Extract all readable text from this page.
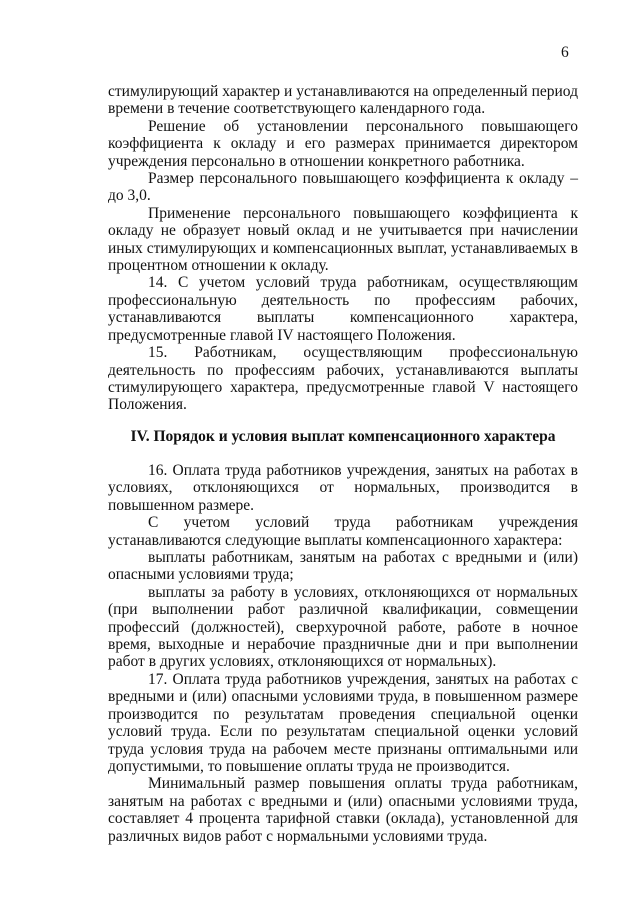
6

стимулирующий характер и устанавливаются на определенный период времени в течение соответствующего календарного года.

Решение об установлении персонального повышающего коэффициента к окладу и его размерах принимается директором учреждения персонально в отношении конкретного работника.

Размер персонального повышающего коэффициента к окладу – до 3,0.

Применение персонального повышающего коэффициента к окладу не образует новый оклад и не учитывается при начислении иных стимулирующих и компенсационных выплат, устанавливаемых в процентном отношении к окладу.

14. С учетом условий труда работникам, осуществляющим профессиональную деятельность по профессиям рабочих, устанавливаются выплаты компенсационного характера, предусмотренные главой IV настоящего Положения.

15. Работникам, осуществляющим профессиональную деятельность по профессиям рабочих, устанавливаются выплаты стимулирующего характера, предусмотренные главой V настоящего Положения.

IV. Порядок и условия выплат компенсационного характера

16. Оплата труда работников учреждения, занятых на работах в условиях, отклоняющихся от нормальных, производится в повышенном размере.

С учетом условий труда работникам учреждения устанавливаются следующие выплаты компенсационного характера:

выплаты работникам, занятым на работах с вредными и (или) опасными условиями труда;

выплаты за работу в условиях, отклоняющихся от нормальных (при выполнении работ различной квалификации, совмещении профессий (должностей), сверхурочной работе, работе в ночное время, выходные и нерабочие праздничные дни и при выполнении работ в других условиях, отклоняющихся от нормальных).

17. Оплата труда работников учреждения, занятых на работах с вредными и (или) опасными условиями труда, в повышенном размере производится по результатам проведения специальной оценки условий труда. Если по результатам специальной оценки условий труда условия труда на рабочем месте признаны оптимальными или допустимыми, то повышение оплаты труда не производится.

Минимальный размер повышения оплаты труда работникам, занятым на работах с вредными и (или) опасными условиями труда, составляет 4 процента тарифной ставки (оклада), установленной для различных видов работ с нормальными условиями труда.
